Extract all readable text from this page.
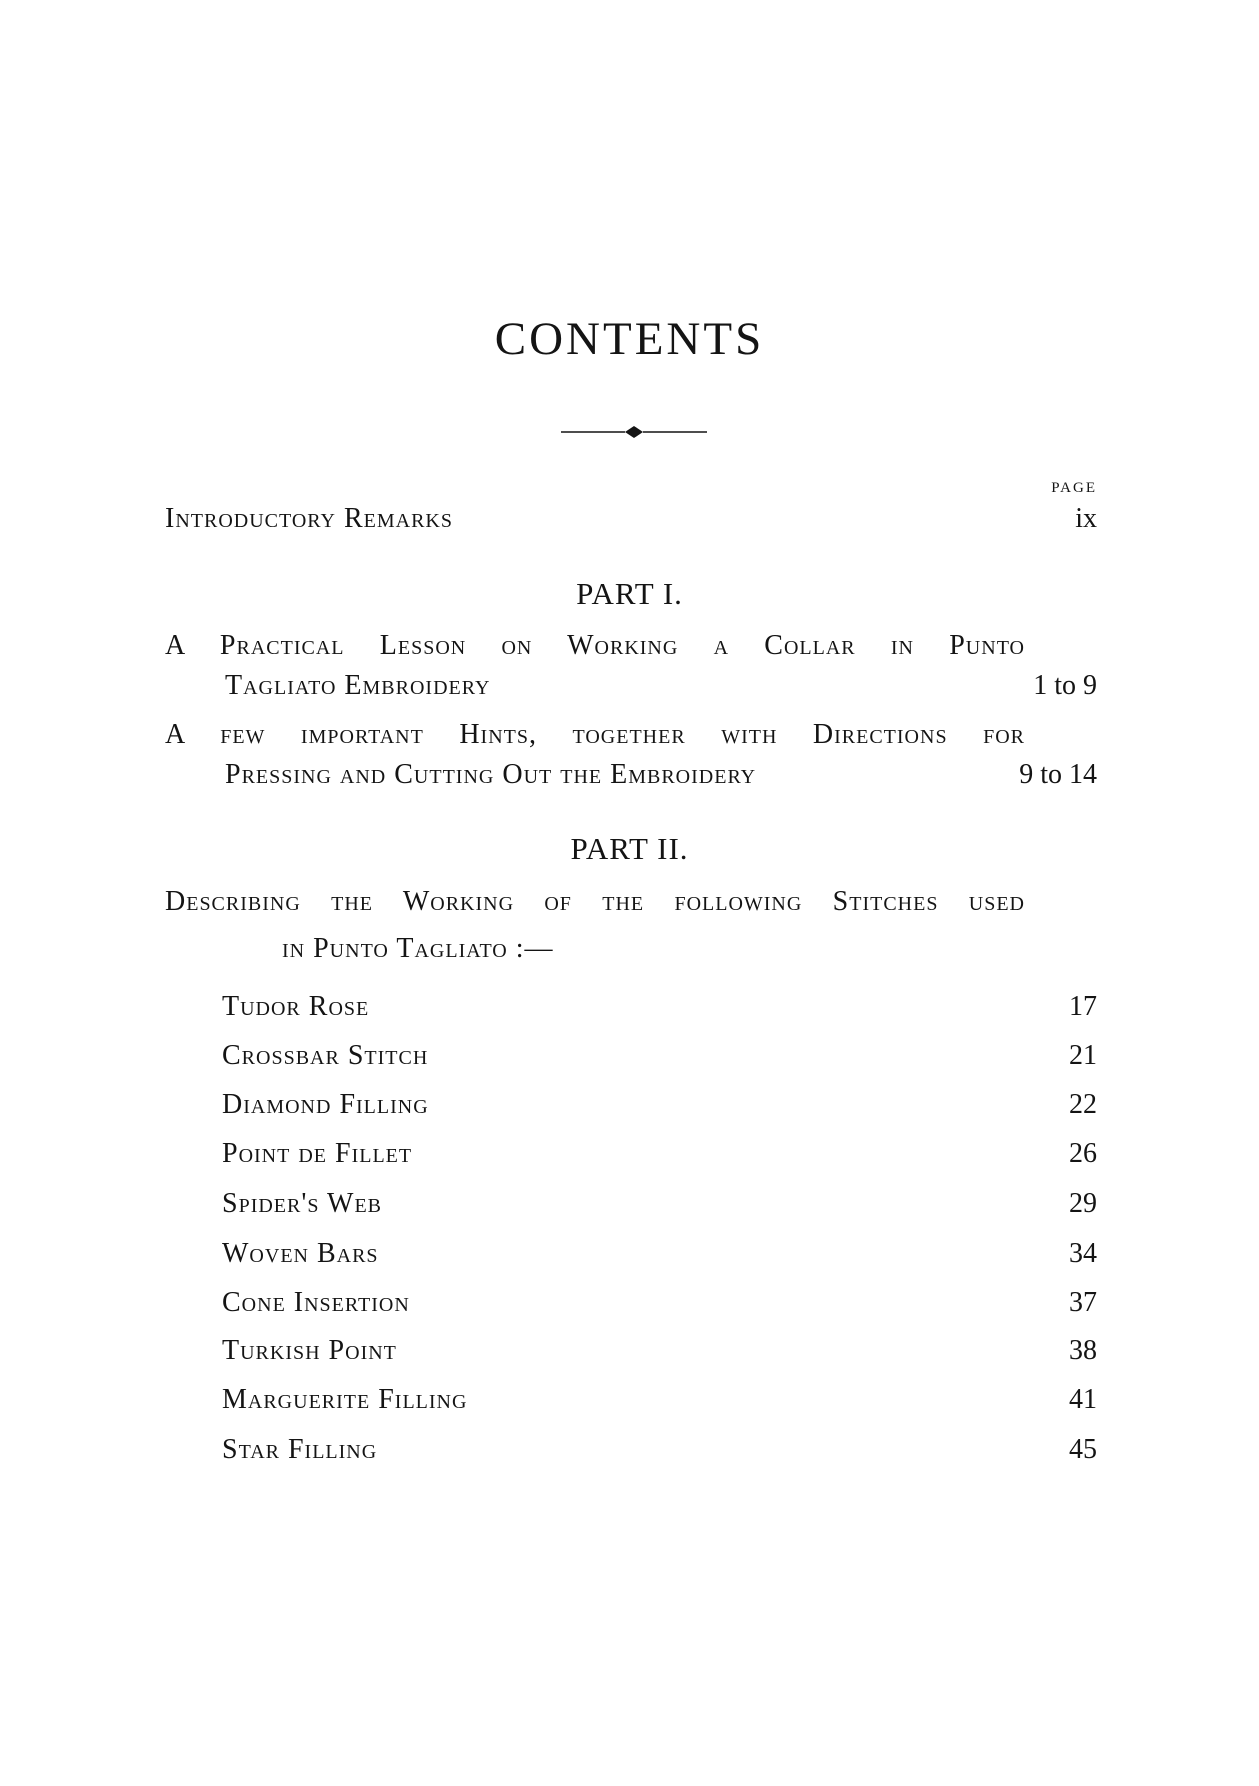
CONTENTS
PAGE
Introductory Remarks	ix
PART I.
A Practical Lesson on Working a Collar in Punto
Tagliato Embroidery	1 to 9
A few important Hints, together with Directions for
Pressing and Cutting Out the Embroidery	9 to 14
PART II.
Describing the Working of the following Stitches used
in Punto Tagliato :—
Tudor Rose	17
Crossbar Stitch	21
Diamond Filling	22
Point de Fillet	26
Spider's Web	29
Woven Bars	34
Cone Insertion	37
Turkish Point	38
Marguerite Filling	41
Star Filling	45
